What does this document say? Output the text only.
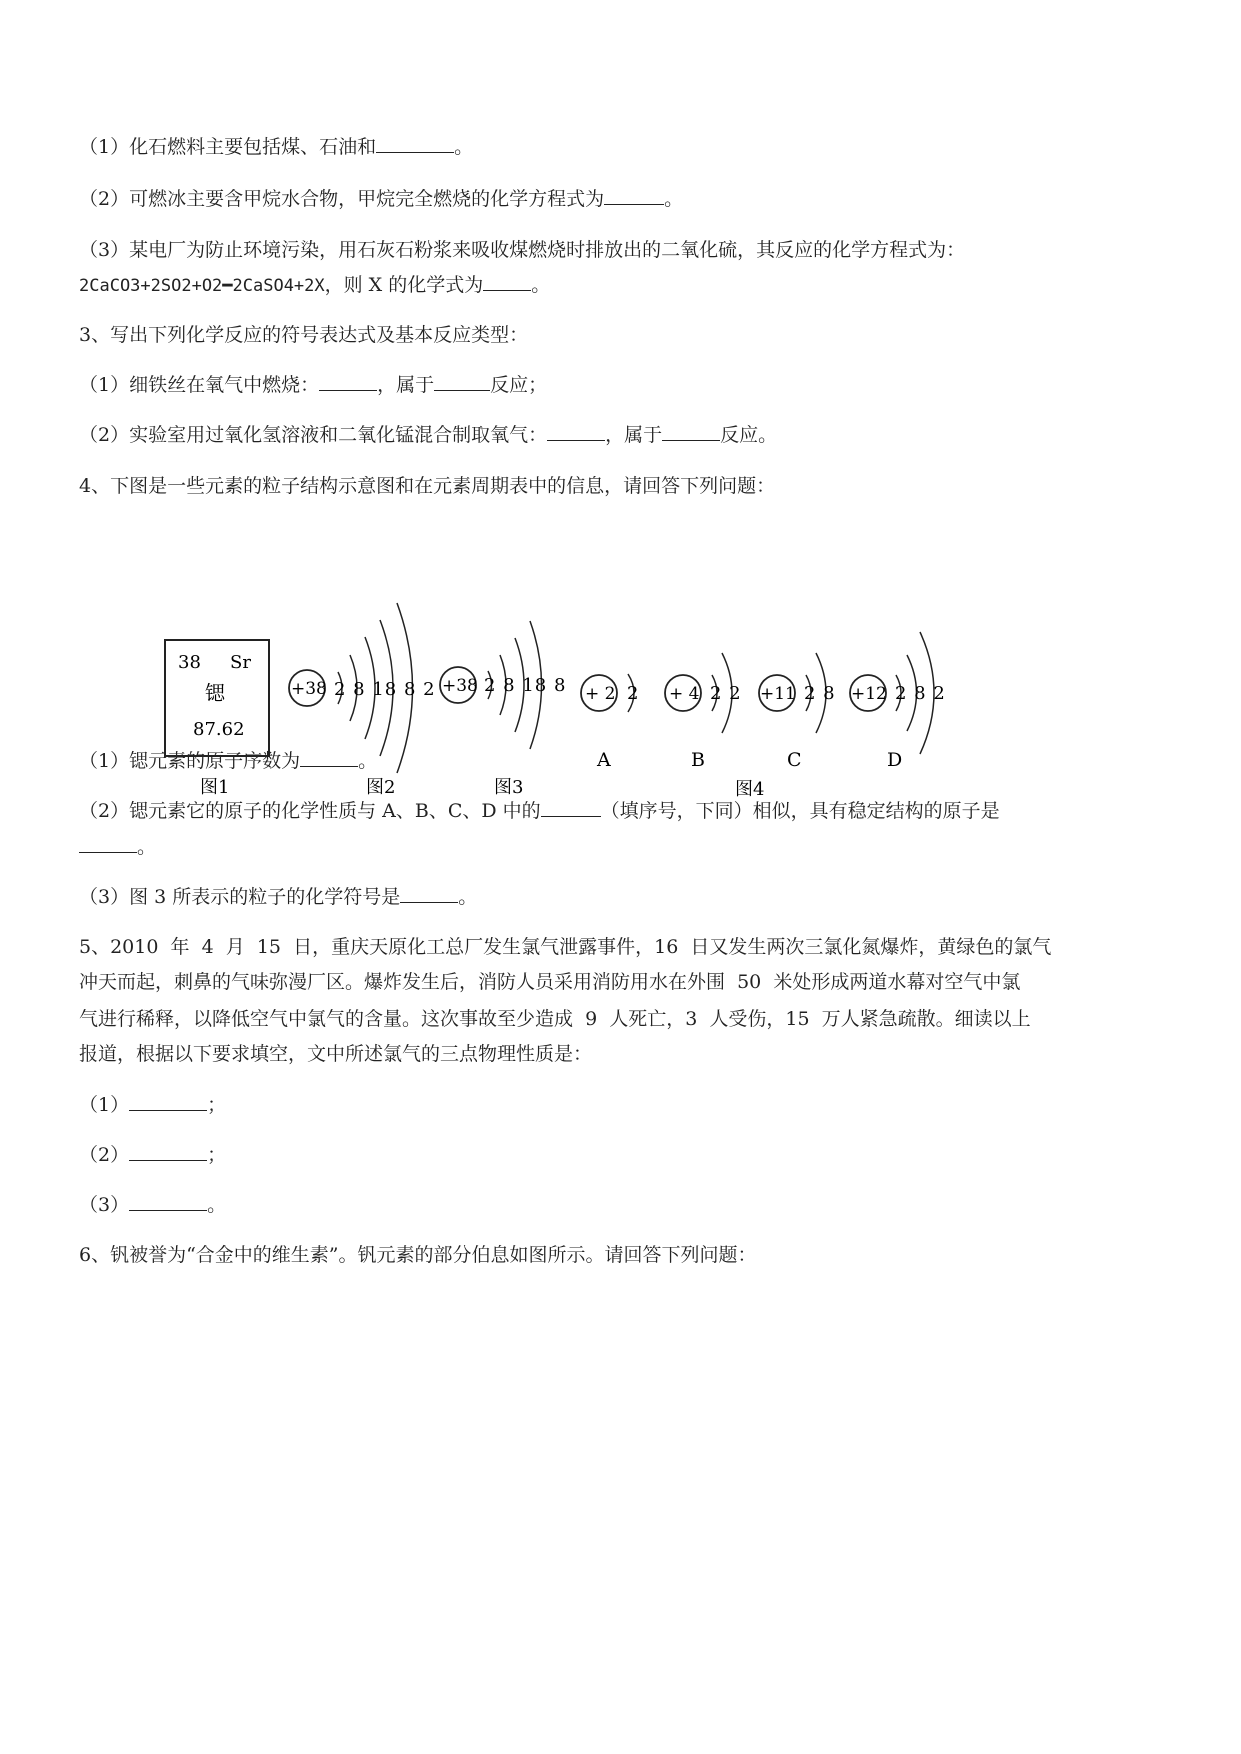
（1）化石燃料主要包括煤、石油和	。
（2）可燃冰主要含甲烷水合物，甲烷完全燃烧的化学方程式为	。
（3）某电厂为防止环境污染，用石灰石粉浆来吸收煤燃烧时排放出的二氧化硫，其反应的化学方程式为：
2CaCO3+2SO2+O2━2CaSO4+2X，则 X 的化学式为	。
3、写出下列化学反应的符号表达式及基本反应类型：
（1）细铁丝在氧气中燃烧：	，属于	反应；
（2）实验室用过氧化氢溶液和二氧化锰混合制取氧气：	，属于	反应。
4、下图是一些元素的粒子结构示意图和在元素周期表中的信息，请回答下列问题：
38 Sr
锶
87.62
+38 2 8 18 8 2 +38 2 8 18 8 + 2 2
A
+ 4 2 2
B
+11 2 8
C
+12 2 8 2
D
图1	图2	图3	图4
（1）锶元素的原子序数为	。
（2）锶元素它的原子的化学性质与 A、B、C、D 中的	（填序号，下同）相似，具有稳定结构的原子是
。
（3）图 3 所表示的粒子的化学符号是	。
5、2010  年  4  月  15  日，重庆天原化工总厂发生氯气泄露事件，16  日又发生两次三氯化氮爆炸，黄绿色的氯气
冲天而起，刺鼻的气味弥漫厂区。爆炸发生后，消防人员采用消防用水在外围  50  米处形成两道水幕对空气中氯
气进行稀释，以降低空气中氯气的含量。这次事故至少造成  9  人死亡，3  人受伤，15  万人紧急疏散。细读以上
报道，根据以下要求填空，文中所述氯气的三点物理性质是：
（1）	；
（2）	；
（3）	。
6、钒被誉为“合金中的维生素”。钒元素的部分伯息如图所示。请回答下列问题：
